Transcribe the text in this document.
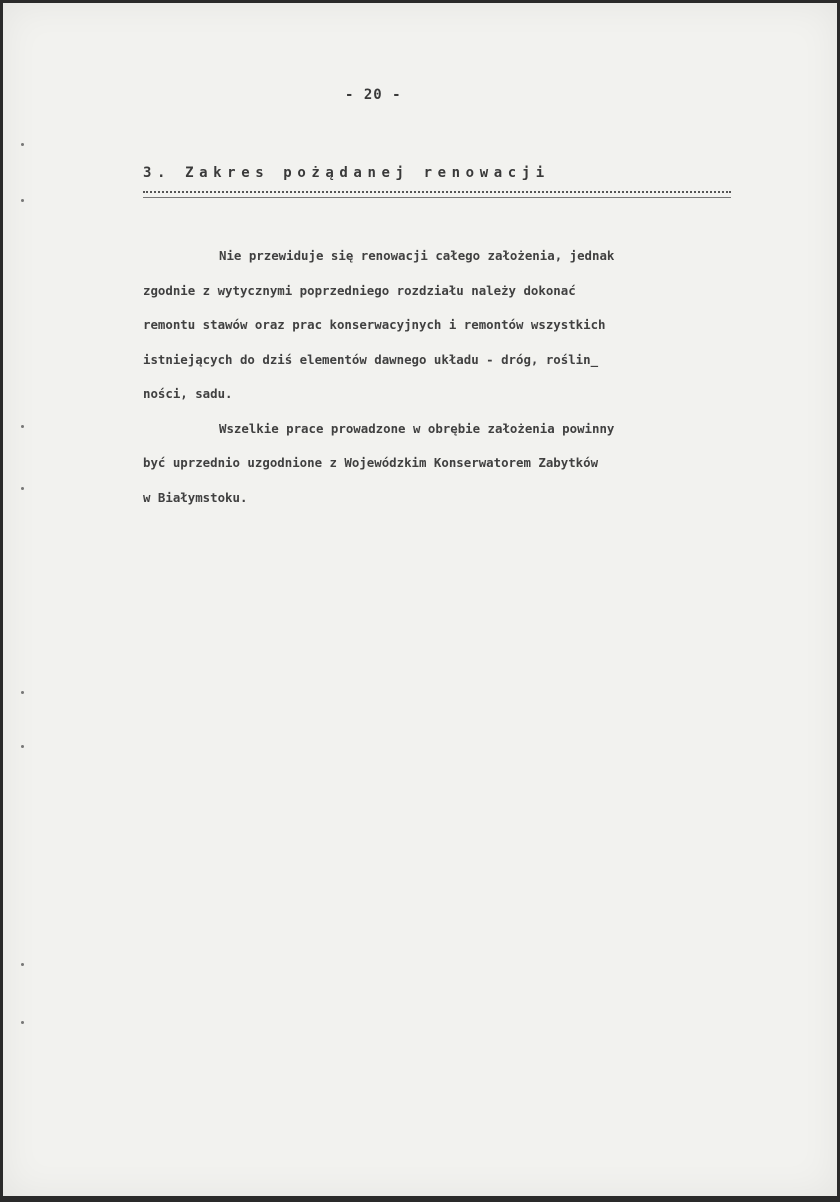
- 20 -
3. Zakres pożądanej renowacji
Nie przewiduje się renowacji całego założenia, jednak
zgodnie z wytycznymi poprzedniego rozdziału należy dokonać
remontu stawów oraz prac konserwacyjnych i remontów wszystkich
istniejących do dziś elementów dawnego układu - dróg, roślin_
ności, sadu.
Wszelkie prace prowadzone w obrębie założenia powinny
być uprzednio uzgodnione z Wojewódzkim Konserwatorem Zabytków
w Białymstoku.
